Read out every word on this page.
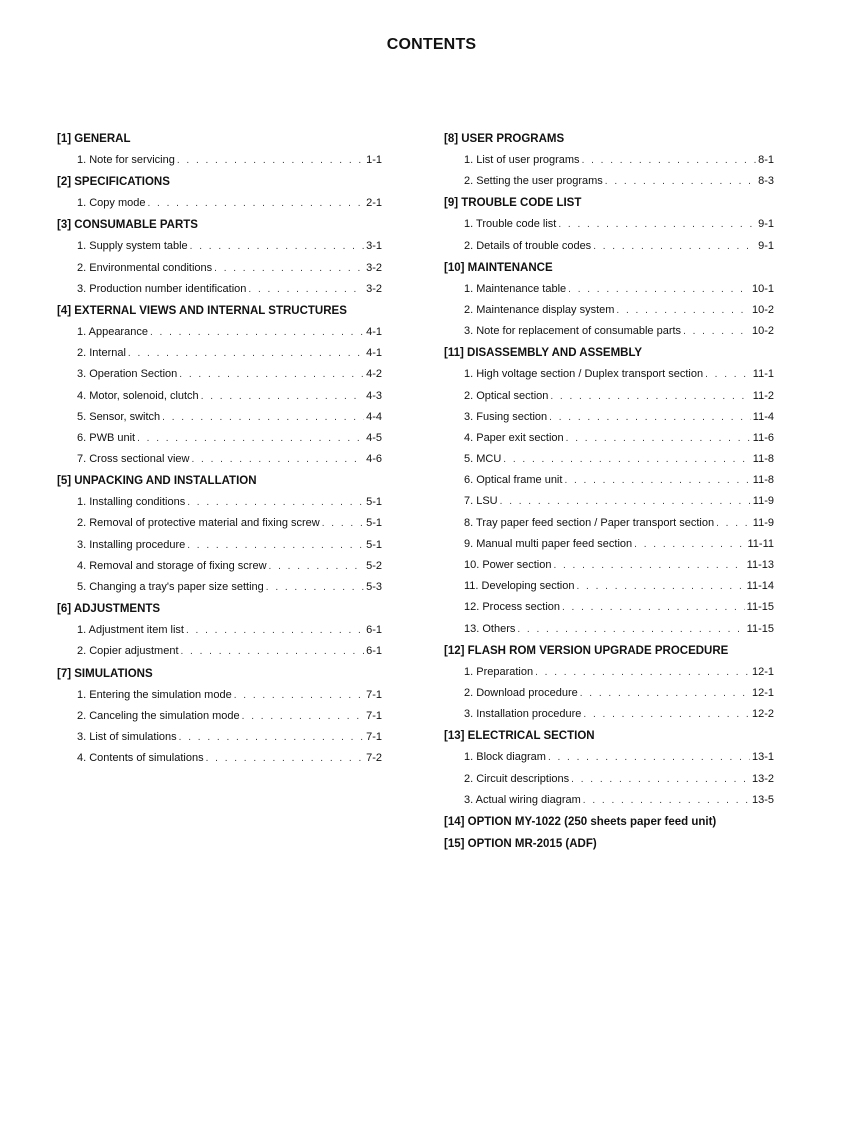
CONTENTS
[1] GENERAL
1. Note for servicing . . .	1-1
[2] SPECIFICATIONS
1. Copy mode . . .	2-1
[3] CONSUMABLE PARTS
1. Supply system table . . .	3-1
2. Environmental conditions . . .	3-2
3. Production number identification . . .	3-2
[4] EXTERNAL VIEWS AND INTERNAL STRUCTURES
1. Appearance . . .	4-1
2. Internal . . .	4-1
3. Operation Section . . .	4-2
4. Motor, solenoid, clutch . . .	4-3
5. Sensor, switch . . .	4-4
6. PWB unit . . .	4-5
7. Cross sectional view . . .	4-6
[5] UNPACKING AND INSTALLATION
1. Installing conditions . . .	5-1
2. Removal of protective material and fixing screw . . .	5-1
3. Installing procedure . . .	5-1
4. Removal and storage of fixing screw . . .	5-2
5. Changing a tray's paper size setting . . .	5-3
[6] ADJUSTMENTS
1. Adjustment item list . . .	6-1
2. Copier adjustment . . .	6-1
[7] SIMULATIONS
1. Entering the simulation mode . . .	7-1
2. Canceling the simulation mode . . .	7-1
3. List of simulations . . .	7-1
4. Contents of simulations . . .	7-2
[8] USER PROGRAMS
1. List of user programs . . .	8-1
2. Setting the user programs . . .	8-3
[9] TROUBLE CODE LIST
1. Trouble code list . . .	9-1
2. Details of trouble codes . . .	9-1
[10] MAINTENANCE
1. Maintenance table . . .	10-1
2. Maintenance display system . . .	10-2
3. Note for replacement of consumable parts . . .	10-2
[11] DISASSEMBLY AND ASSEMBLY
1. High voltage section / Duplex transport section . . .	11-1
2. Optical section . . .	11-2
3. Fusing section . . .	11-4
4. Paper exit section . . .	11-6
5. MCU . . .	11-8
6. Optical frame unit . . .	11-8
7. LSU . . .	11-9
8. Tray paper feed section / Paper transport section . . .	11-9
9. Manual multi paper feed section . . .	11-11
10. Power section . . .	11-13
11. Developing section . . .	11-14
12. Process section . . .	11-15
13. Others . . .	11-15
[12] FLASH ROM VERSION UPGRADE PROCEDURE
1. Preparation . . .	12-1
2. Download procedure . . .	12-1
3. Installation procedure . . .	12-2
[13] ELECTRICAL SECTION
1. Block diagram . . .	13-1
2. Circuit descriptions . . .	13-2
3. Actual wiring diagram . . .	13-5
[14] OPTION MY-1022 (250 sheets paper feed unit)
[15] OPTION MR-2015 (ADF)
